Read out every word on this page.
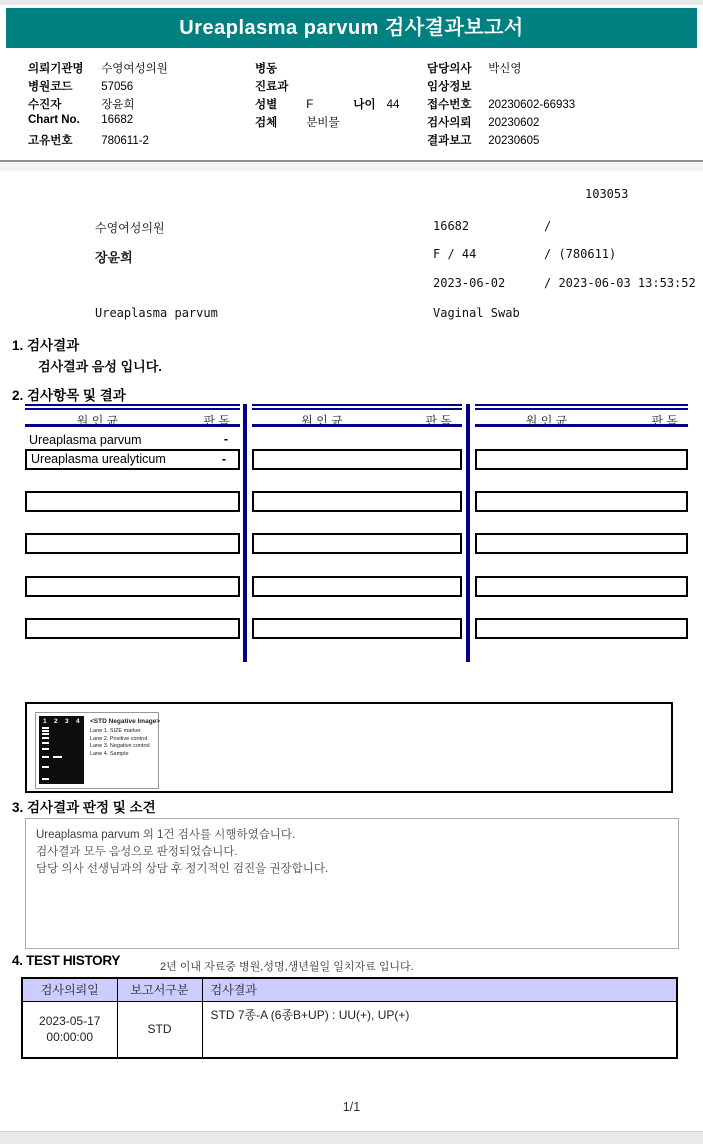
Ureaplasma parvum 검사결과보고서
의뢰기관명 수영여성의원
병원코드	57056
수진자	장윤희
Chart No. 16682
고유번호	780611-2
병동
진료과
성별	F	나이 44
검체	분비물
담당의사 박신영
임상정보
접수번호 20230602-66933
검사의뢰 20230602
결과보고 20230605
103053
수영여성의원	16682	/
장윤희	F / 44	/ (780611)
2023-06-02	/ 2023-06-03 13:53:52
Ureaplasma parvum	Vaginal Swab
1. 검사결과
검사결과 음성 입니다.
2. 검사항목 및 결과
원 인 균	판 독	원 인 균	판 독	원 인 균	판 독
Ureaplasma parvum	-
Ureaplasma urealyticum	-
1 2 3 4 <STD Negative Image>
Lane 1. SIZE marker
Lane 2. Positive control
Lane 3. Negative control
Lane 4. Sample
3. 검사결과 판정 및 소견
Ureaplasma parvum 외 1건 검사를 시행하였습니다.
검사결과 모두 음성으로 판정되었습니다.
담당 의사 선생님과의 상담 후 정기적인 검진을 권장합니다.
4. TEST HISTORY	2년 이내 자료중 병원,성명,생년월일 일치자료 입니다.
검사의뢰일	보고서구분	검사결과

2023-05-17
00:00:00	STD	STD 7종-A (6종B+UP) : UU(+), UP(+)
1/1
